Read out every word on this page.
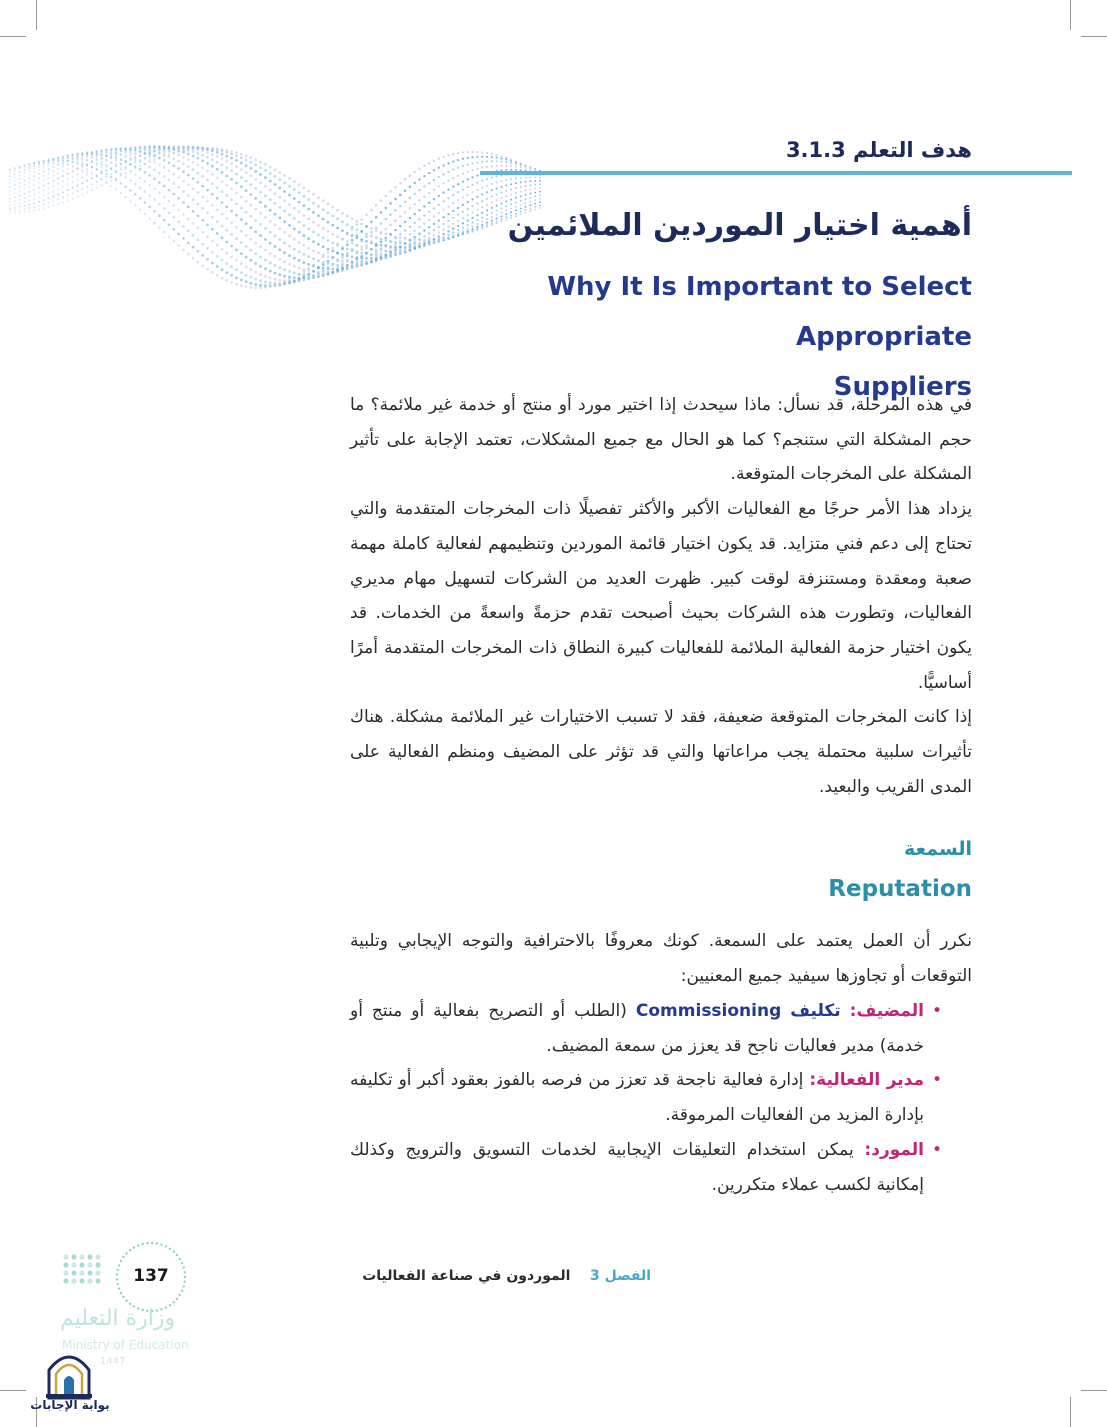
هدف التعلم 3.1.3
أهمية اختيار الموردين الملائمين
Why It Is Important to Select Appropriate
Suppliers

في هذه المرحلة، قد نسأل: ماذا سيحدث إذا اختير مورد أو منتج أو خدمة غير ملائمة؟ ما حجم المشكلة التي ستنجم؟ كما هو الحال مع جميع المشكلات، تعتمد الإجابة على تأثير المشكلة على المخرجات المتوقعة.

يزداد هذا الأمر حرجًا مع الفعاليات الأكبر والأكثر تفصيلًا ذات المخرجات المتقدمة والتي تحتاج إلى دعم فني متزايد. قد يكون اختيار قائمة الموردين وتنظيمهم لفعالية كاملة مهمة صعبة ومعقدة ومستنزفة لوقت كبير. ظهرت العديد من الشركات لتسهيل مهام مديري الفعاليات، وتطورت هذه الشركات بحيث أصبحت تقدم حزمةً واسعةً من الخدمات. قد يكون اختيار حزمة الفعالية الملائمة للفعاليات كبيرة النطاق ذات المخرجات المتقدمة أمرًا أساسيًّا.

إذا كانت المخرجات المتوقعة ضعيفة، فقد لا تسبب الاختيارات غير الملائمة مشكلة. هناك تأثيرات سلبية محتملة يجب مراعاتها والتي قد تؤثر على المضيف ومنظم الفعالية على المدى القريب والبعيد.

السمعة
Reputation

نكرر أن العمل يعتمد على السمعة. كونك معروفًا بالاحترافية والتوجه الإيجابي وتلبية التوقعات أو تجاوزها سيفيد جميع المعنيين:

• المضيف: تكليف Commissioning (الطلب أو التصريح بفعالية أو منتج أو خدمة) مدير فعاليات ناجح قد يعزز من سمعة المضيف.
• مدير الفعالية: إدارة فعالية ناجحة قد تعزز من فرصه بالفوز بعقود أكبر أو تكليفه بإدارة المزيد من الفعاليات المرموقة.
• المورد: يمكن استخدام التعليقات الإيجابية لخدمات التسويق والترويج وكذلك إمكانية لكسب عملاء متكررين.
الفصل 3    الموردون في صناعة الفعاليات
137
وزارة التعليم
Ministry of Education
1447
بوابة الإجابات
